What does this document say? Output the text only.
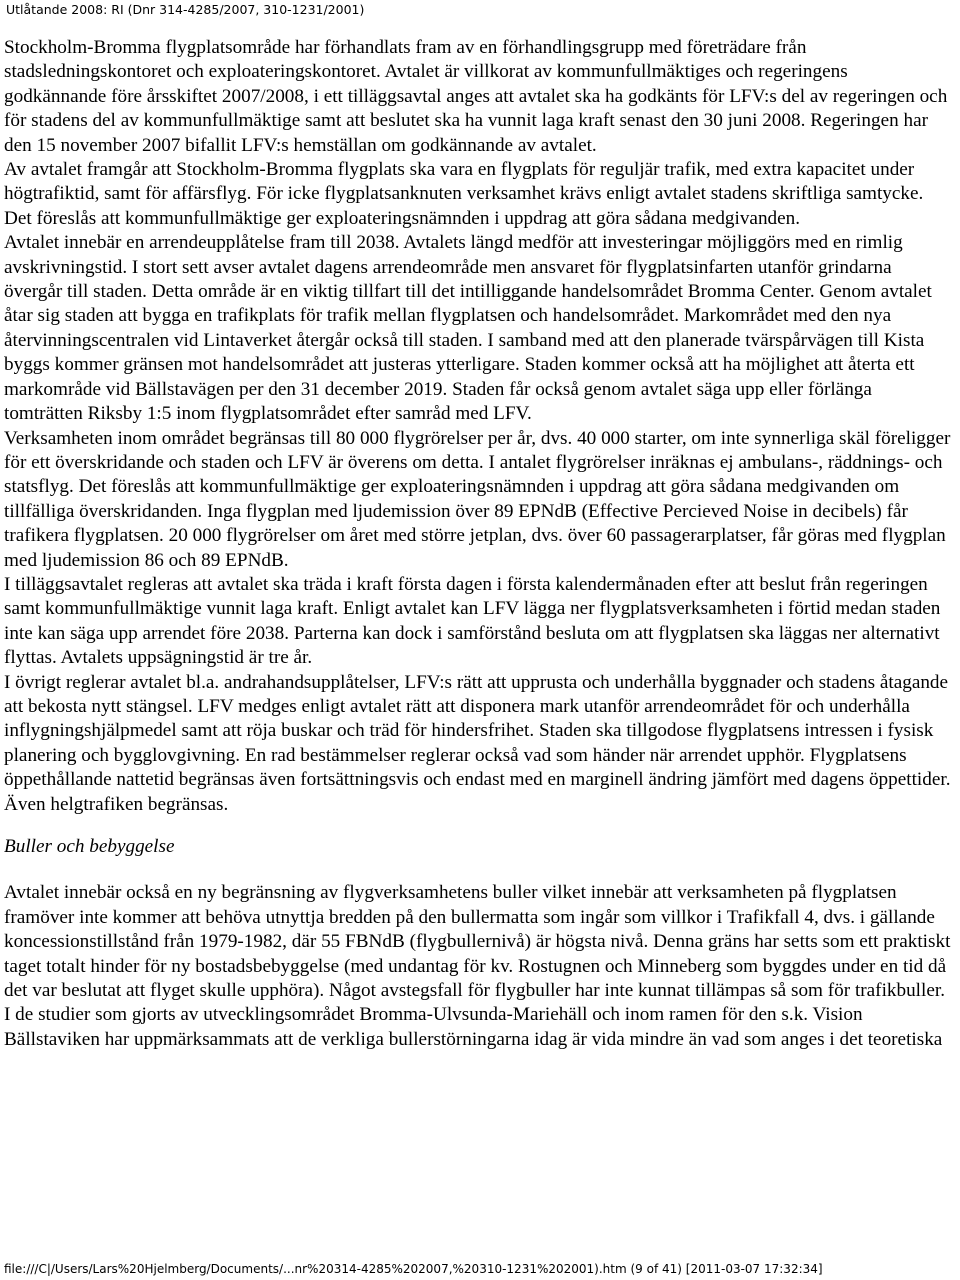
Utlåtande 2008: RI (Dnr 314-4285/2007, 310-1231/2001)

Stockholm-Bromma flygplatsområde har förhandlats fram av en förhandlingsgrupp med företrädare från stadsledningskontoret och exploateringskontoret. Avtalet är villkorat av kommunfullmäktiges och regeringens godkännande före årsskiftet 2007/2008, i ett tilläggsavtal anges att avtalet ska ha godkänts för LFV:s del av regeringen och för stadens del av kommunfullmäktige samt att beslutet ska ha vunnit laga kraft senast den 30 juni 2008. Regeringen har den 15 november 2007 bifallit LFV:s hemställan om godkännande av avtalet.

Av avtalet framgår att Stockholm-Bromma flygplats ska vara en flygplats för reguljär trafik, med extra kapacitet under högtrafiktid, samt för affärsflyg. För icke flygplatsanknuten verksamhet krävs enligt avtalet stadens skriftliga samtycke. Det föreslås att kommunfullmäktige ger exploateringsnämnden i uppdrag att göra sådana medgivanden.

Avtalet innebär en arrendeupplåtelse fram till 2038. Avtalets längd medför att investeringar möjliggörs med en rimlig avskrivningstid. I stort sett avser avtalet dagens arrendeområde men ansvaret för flygplatsinfarten utanför grindarna övergår till staden. Detta område är en viktig tillfart till det intilliggande handelsområdet Bromma Center. Genom avtalet åtar sig staden att bygga en trafikplats för trafik mellan flygplatsen och handelsområdet. Markområdet med den nya återvinningscentralen vid Lintaverket återgår också till staden. I samband med att den planerade tvärspårvägen till Kista byggs kommer gränsen mot handelsområdet att justeras ytterligare. Staden kommer också att ha möjlighet att återta ett markområde vid Bällstavägen per den 31 december 2019. Staden får också genom avtalet säga upp eller förlänga tomträtten Riksby 1:5 inom flygplatsområdet efter samråd med LFV.

Verksamheten inom området begränsas till 80 000 flygrörelser per år, dvs. 40 000 starter, om inte synnerliga skäl föreligger för ett överskridande och staden och LFV är överens om detta. I antalet flygrörelser inräknas ej ambulans-, räddnings- och statsflyg. Det föreslås att kommunfullmäktige ger exploateringsnämnden i uppdrag att göra sådana medgivanden om tillfälliga överskridanden. Inga flygplan med ljudemission över 89 EPNdB (Effective Percieved Noise in decibels) får trafikera flygplatsen. 20 000 flygrörelser om året med större jetplan, dvs. över 60 passagerarplatser, får göras med flygplan med ljudemission 86 och 89 EPNdB.

I tilläggsavtalet regleras att avtalet ska träda i kraft första dagen i första kalendermånaden efter att beslut från regeringen samt kommunfullmäktige vunnit laga kraft. Enligt avtalet kan LFV lägga ner flygplatsverksamheten i förtid medan staden inte kan säga upp arrendet före 2038. Parterna kan dock i samförstånd besluta om att flygplatsen ska läggas ner alternativt flyttas. Avtalets uppsägningstid är tre år.

I övrigt reglerar avtalet bl.a. andrahandsupplåtelser, LFV:s rätt att upprusta och underhålla byggnader och stadens åtagande att bekosta nytt stängsel. LFV medges enligt avtalet rätt att disponera mark utanför arrendeområdet för och underhålla inflygningshjälpmedel samt att röja buskar och träd för hindersfrihet. Staden ska tillgodose flygplatsens intressen i fysisk planering och bygglovgivning. En rad bestämmelser reglerar också vad som händer när arrendet upphör. Flygplatsens öppethållande nattetid begränsas även fortsättningsvis och endast med en marginell ändring jämfört med dagens öppettider. Även helgtrafiken begränsas.

Buller och bebyggelse

Avtalet innebär också en ny begränsning av flygverksamhetens buller vilket innebär att verksamheten på flygplatsen framöver inte kommer att behöva utnyttja bredden på den bullermatta som ingår som villkor i Trafikfall 4, dvs. i gällande koncessionstillstånd från 1979-1982, där 55 FBNdB (flygbullernivå) är högsta nivå. Denna gräns har setts som ett praktiskt taget totalt hinder för ny bostadsbebyggelse (med undantag för kv. Rostugnen och Minneberg som byggdes under en tid då det var beslutat att flyget skulle upphöra). Något avstegsfall för flygbuller har inte kunnat tillämpas så som för trafikbuller. I de studier som gjorts av utvecklingsområdet Bromma-Ulvsunda-Mariehäll och inom ramen för den s.k. Vision Bällstaviken har uppmärksammats att de verkliga bullerstörningarna idag är vida mindre än vad som anges i det teoretiska

file:///C|/Users/Lars%20Hjelmberg/Documents/...nr%20314-4285%202007,%20310-1231%202001).htm (9 of 41) [2011-03-07 17:32:34]
